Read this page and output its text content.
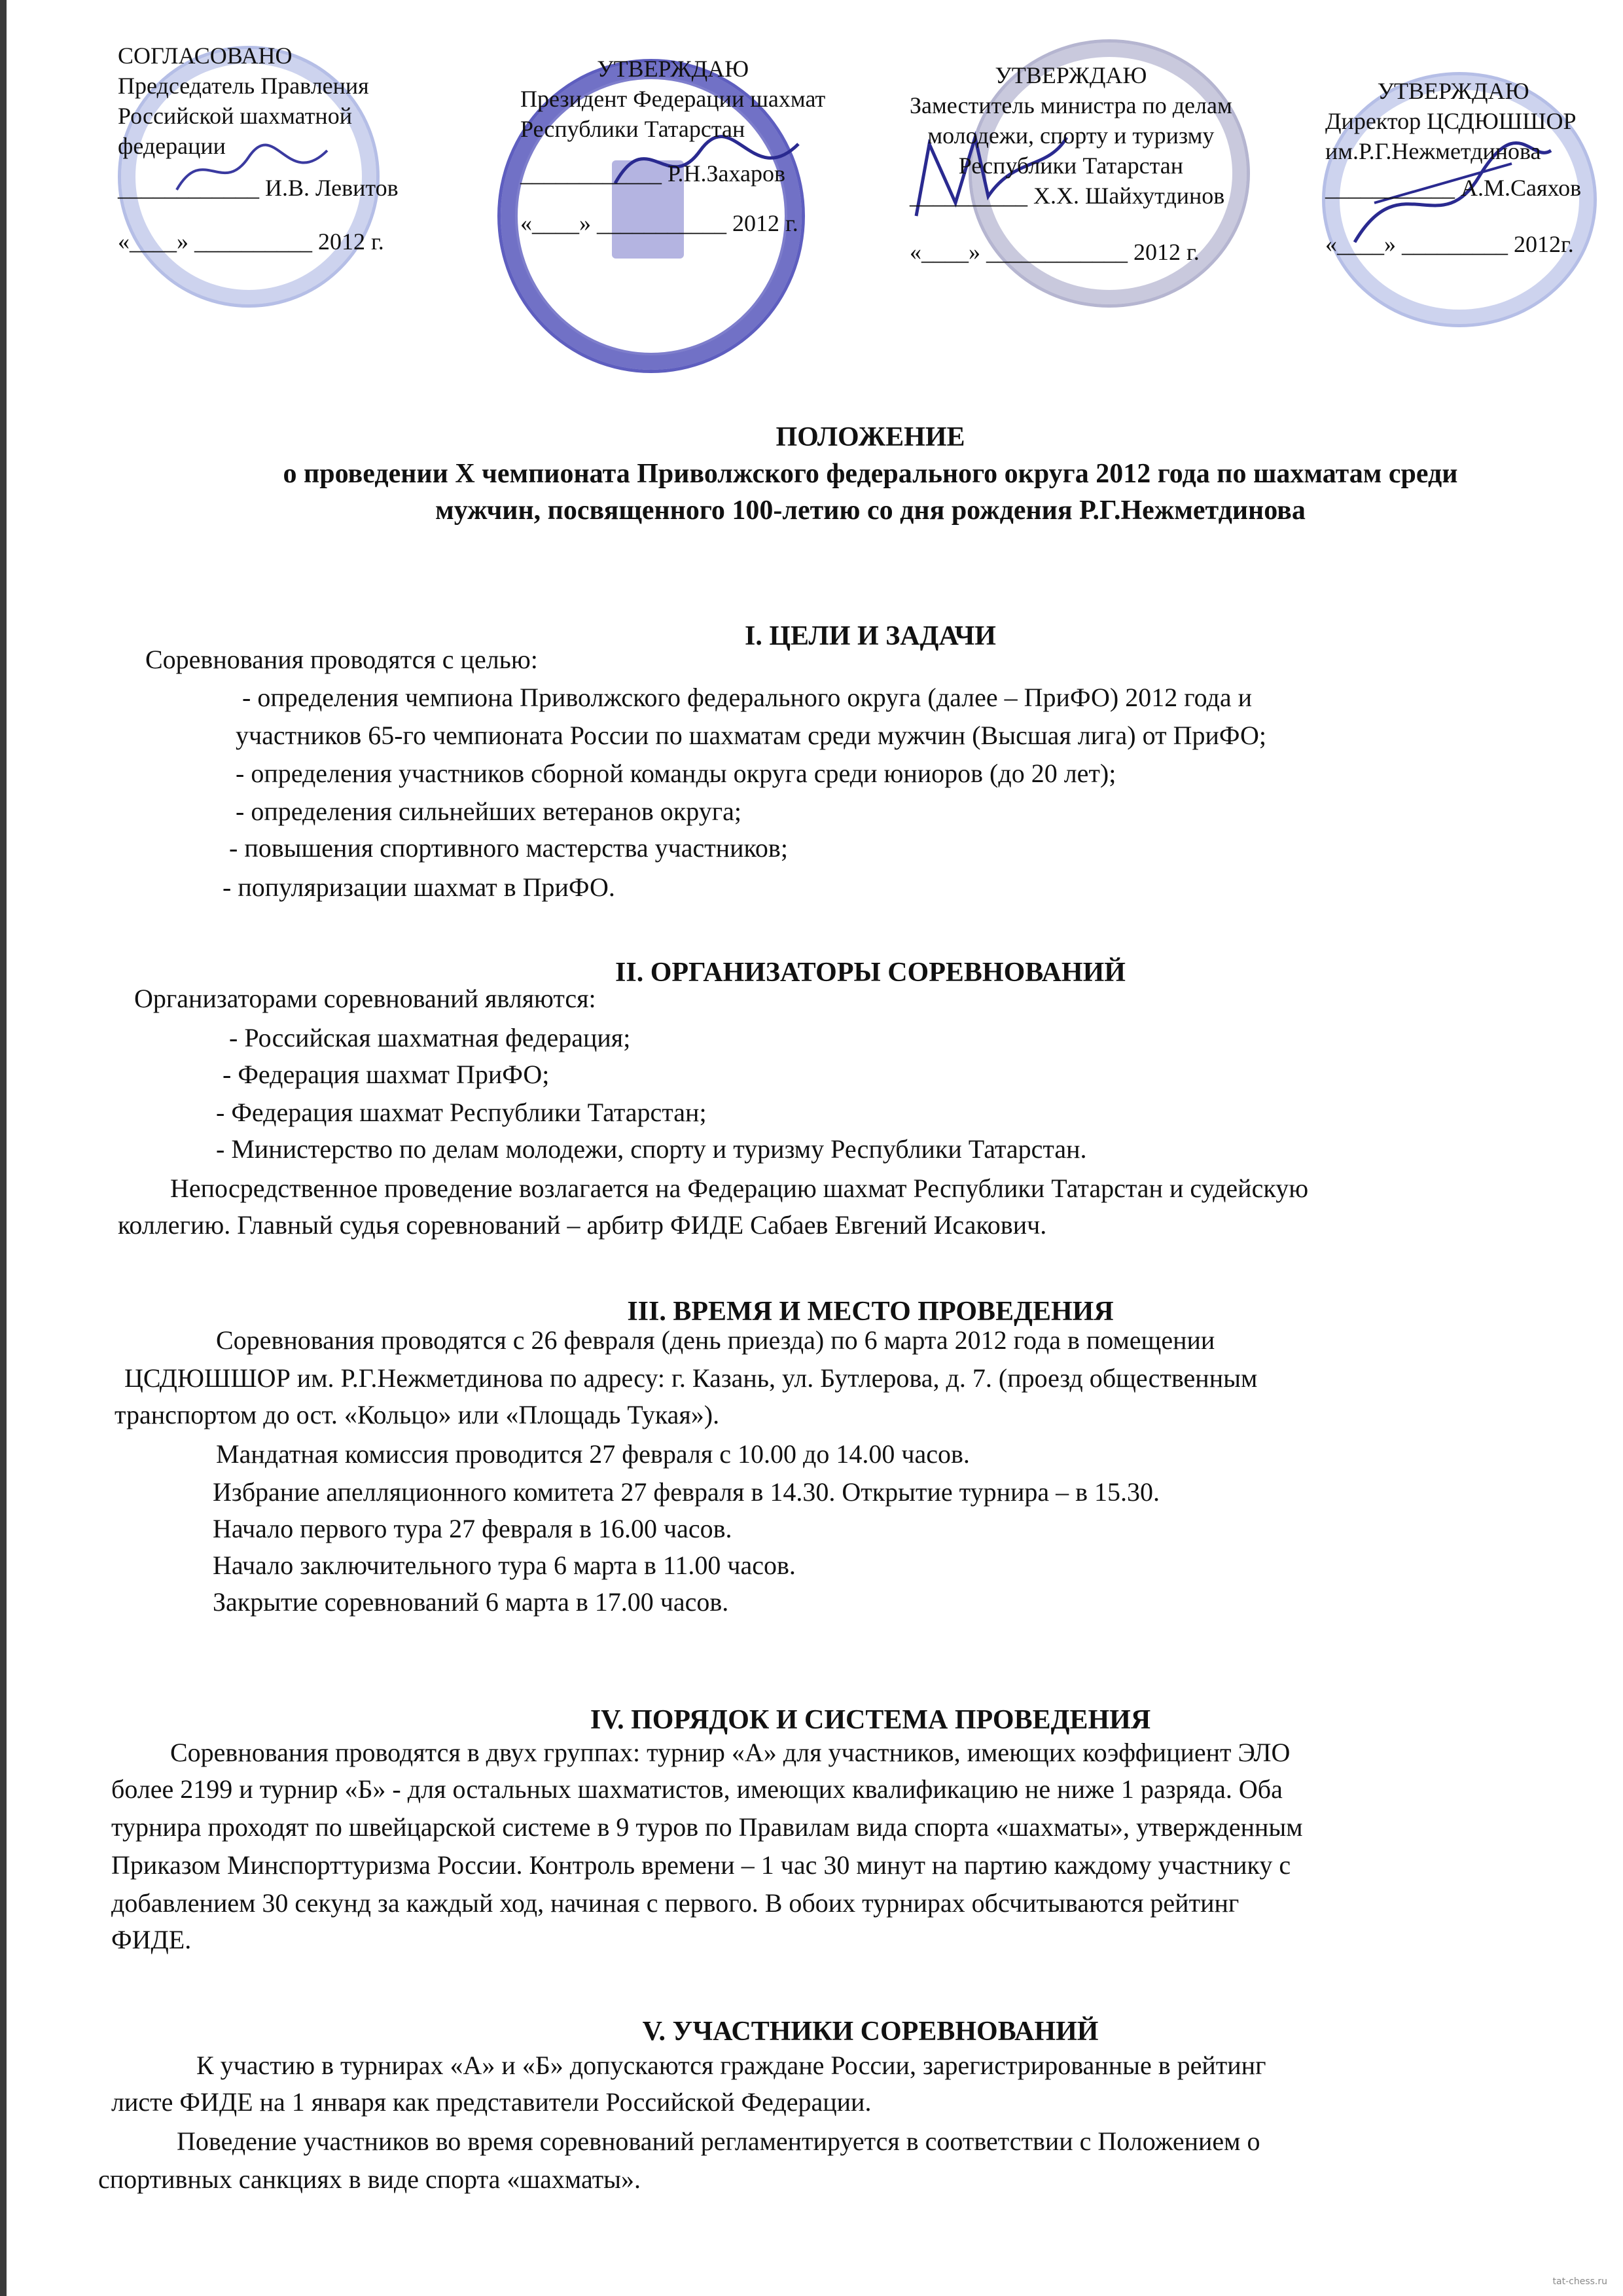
СОГЛАСОВАНО
Председатель Правления
Российской шахматной
федерации
____________ И.В. Левитов
«____» __________ 2012 г.
УТВЕРЖДАЮ
Президент Федерации шахмат
Республики Татарстан
____________ Р.Н.Захаров
«____» ___________ 2012 г.
УТВЕРЖДАЮ
Заместитель министра по делам
молодежи, спорту и туризму
Республики Татарстан
__________ Х.Х. Шайхутдинов
«____» ____________ 2012 г.
УТВЕРЖДАЮ
Директор ЦСДЮШШОР
им.Р.Г.Нежметдинова
___________ А.М.Саяхов
«____» _________ 2012г.
ПОЛОЖЕНИЕ
о проведении X чемпионата Приволжского федерального округа 2012 года по шахматам среди
мужчин, посвященного 100-летию со дня рождения Р.Г.Нежметдинова
I. ЦЕЛИ И ЗАДАЧИ
Соревнования проводятся с целью:
- определения чемпиона Приволжского федерального округа (далее – ПриФО) 2012 года и
участников 65-го чемпионата России по шахматам среди мужчин (Высшая лига) от ПриФО;
- определения участников сборной команды округа среди юниоров (до 20 лет);
- определения сильнейших ветеранов округа;
- повышения спортивного мастерства участников;
- популяризации шахмат в ПриФО.
II. ОРГАНИЗАТОРЫ СОРЕВНОВАНИЙ
Организаторами соревнований являются:
- Российская шахматная федерация;
- Федерация шахмат ПриФО;
- Федерация шахмат Республики Татарстан;
- Министерство по делам молодежи, спорту и туризму Республики Татарстан.
Непосредственное проведение возлагается на Федерацию шахмат Республики Татарстан и судейскую
коллегию. Главный судья соревнований – арбитр ФИДЕ Сабаев Евгений Исакович.
III. ВРЕМЯ И МЕСТО ПРОВЕДЕНИЯ
Соревнования проводятся с 26 февраля (день приезда) по 6 марта 2012 года в помещении
ЦСДЮШШОР им. Р.Г.Нежметдинова по адресу: г. Казань, ул. Бутлерова, д. 7. (проезд общественным
транспортом до ост. «Кольцо» или «Площадь Тукая»).
Мандатная комиссия проводится 27 февраля с 10.00 до 14.00 часов.
Избрание апелляционного комитета 27 февраля в 14.30. Открытие турнира – в 15.30.
Начало первого тура 27 февраля в 16.00 часов.
Начало заключительного тура 6 марта в 11.00 часов.
Закрытие соревнований 6 марта в 17.00 часов.
IV. ПОРЯДОК И СИСТЕМА ПРОВЕДЕНИЯ
Соревнования проводятся в двух группах: турнир «А» для участников, имеющих коэффициент ЭЛО
более 2199 и турнир «Б» - для остальных шахматистов, имеющих квалификацию не ниже 1 разряда. Оба
турнира проходят по швейцарской системе в 9 туров по Правилам вида спорта «шахматы», утвержденным
Приказом Минспорттуризма России. Контроль времени – 1 час 30 минут на партию каждому участнику с
добавлением 30 секунд за каждый ход, начиная с первого. В обоих турнирах обсчитываются рейтинг
ФИДЕ.
V. УЧАСТНИКИ СОРЕВНОВАНИЙ
К участию в турнирах «А» и «Б» допускаются граждане России, зарегистрированные в рейтинг
листе ФИДЕ на 1 января как представители Российской Федерации.
Поведение участников во время соревнований регламентируется в соответствии с Положением о
спортивных санкциях в виде спорта «шахматы».
tat-chess.ru
